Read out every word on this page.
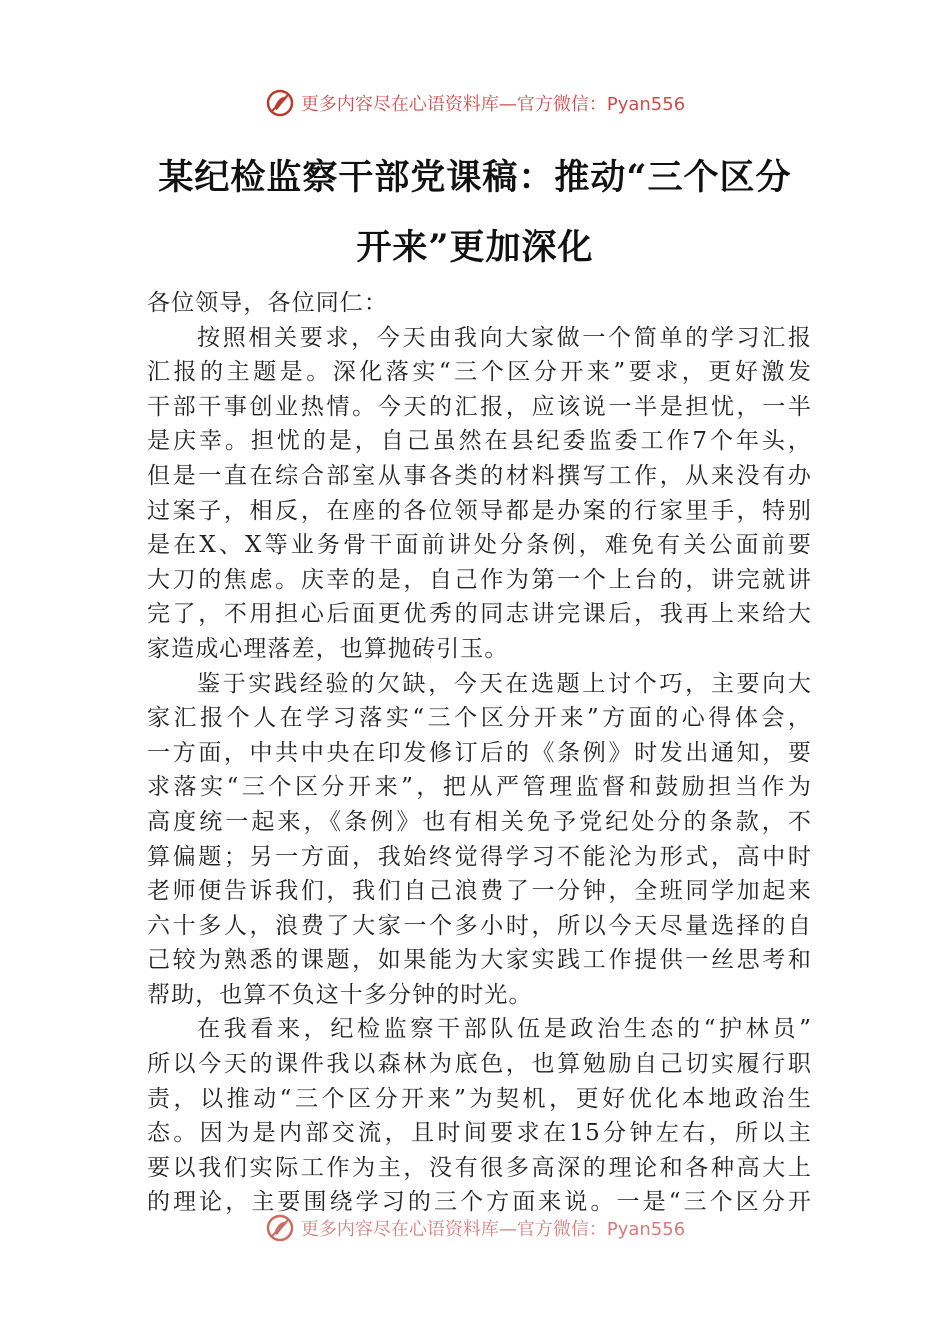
更多内容尽在心语资料库—官方微信：Pyan556
某纪检监察干部党课稿：推动“三个区分
开来”更加深化
各位领导，各位同仁：
按照相关要求，今天由我向大家做一个简单的学习汇报
汇报的主题是。深化落实“三个区分开来”要求，更好激发
干部干事创业热情。今天的汇报，应该说一半是担忧，一半
是庆幸。担忧的是，自己虽然在县纪委监委工作7个年头，
但是一直在综合部室从事各类的材料撰写工作，从来没有办
过案子，相反，在座的各位领导都是办案的行家里手，特别
是在X、X等业务骨干面前讲处分条例，难免有关公面前要
大刀的焦虑。庆幸的是，自己作为第一个上台的，讲完就讲
完了，不用担心后面更优秀的同志讲完课后，我再上来给大
家造成心理落差，也算抛砖引玉。
鉴于实践经验的欠缺，今天在选题上讨个巧，主要向大
家汇报个人在学习落实“三个区分开来”方面的心得体会，
一方面，中共中央在印发修订后的《条例》时发出通知，要
求落实“三个区分开来”，把从严管理监督和鼓励担当作为
高度统一起来，《条例》也有相关免予党纪处分的条款，不
算偏题；另一方面，我始终觉得学习不能沦为形式，高中时
老师便告诉我们，我们自己浪费了一分钟，全班同学加起来
六十多人，浪费了大家一个多小时，所以今天尽量选择的自
己较为熟悉的课题，如果能为大家实践工作提供一丝思考和
帮助，也算不负这十多分钟的时光。
在我看来，纪检监察干部队伍是政治生态的“护林员”
所以今天的课件我以森林为底色，也算勉励自己切实履行职
责，以推动“三个区分开来”为契机，更好优化本地政治生
态。因为是内部交流，且时间要求在15分钟左右，所以主
要以我们实际工作为主，没有很多高深的理论和各种高大上
的理论，主要围绕学习的三个方面来说。一是“三个区分开
更多内容尽在心语资料库—官方微信：Pyan556
